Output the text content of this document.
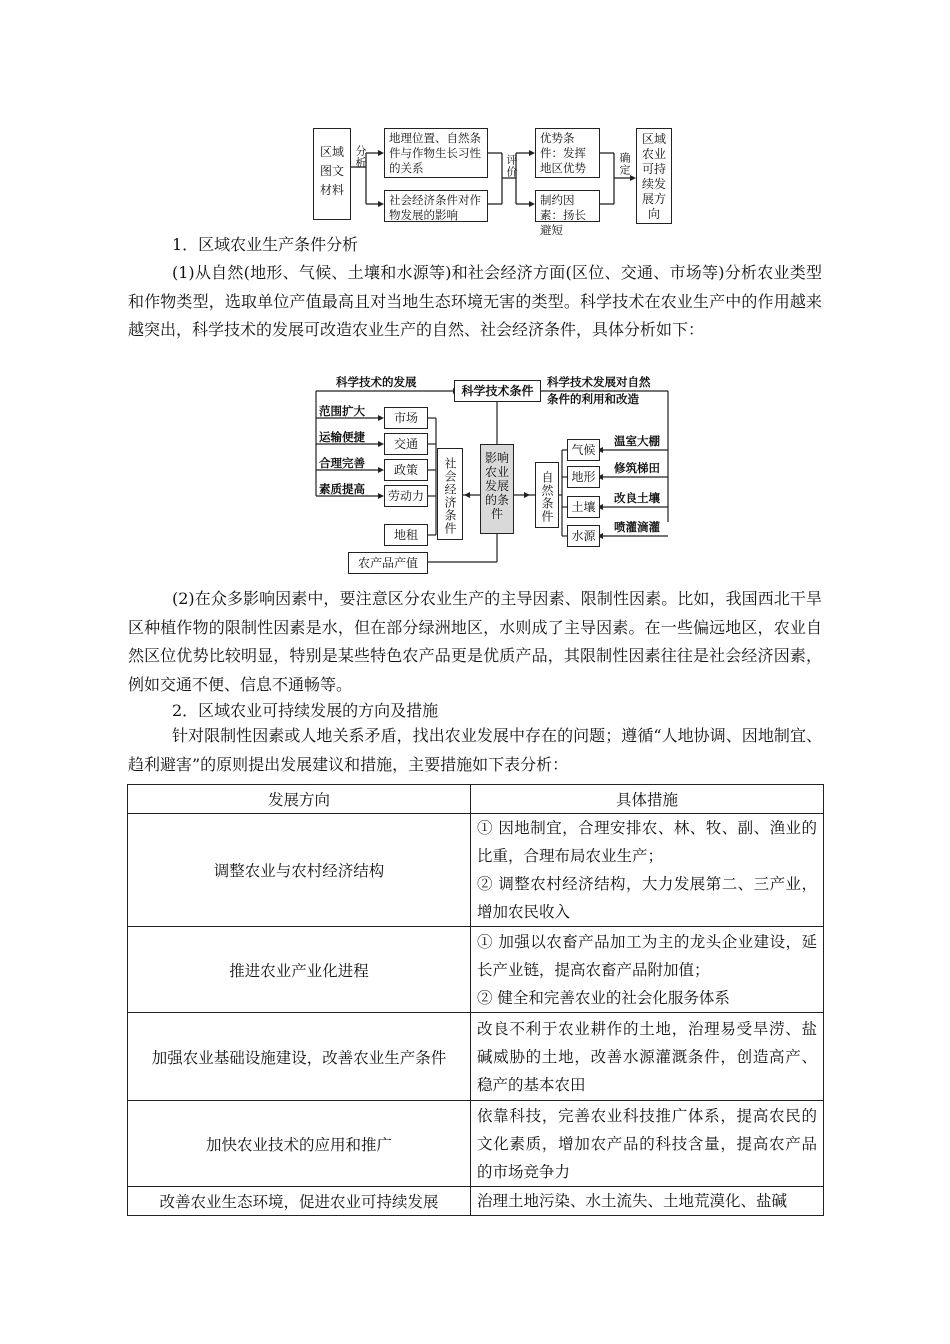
区域图文材料
分析
地理位置、自然条件与作物生长习性的关系
社会经济条件对作物发展的影响
评价
优势条件：发挥地区优势
制约因素：扬长避短
确定
区域农业可持续发展方向
1．区域农业生产条件分析
(1)从自然(地形、气候、土壤和水源等)和社会经济方面(区位、交通、市场等)分析农业类型和作物类型，选取单位产值最高且对当地生态环境无害的类型。科学技术在农业生产中的作用越来越突出，科学技术的发展可改造农业生产的自然、社会经济条件，具体分析如下：
科学技术条件
科学技术的发展	科学技术发展对自然
条件的利用和改造
市场
交通
政策
劳动力
地租
范围扩大
运输便捷
合理完善
素质提高	社会经济条件	影响农业发展的条件	自然条件
气候
地形
土壤
水源
温室大棚
修筑梯田
改良土壤
喷灌滴灌
农产品产值
(2)在众多影响因素中，要注意区分农业生产的主导因素、限制性因素。比如，我国西北干旱区种植作物的限制性因素是水，但在部分绿洲地区，水则成了主导因素。在一些偏远地区，农业自然区位优势比较明显，特别是某些特色农产品更是优质产品，其限制性因素往往是社会经济因素，例如交通不便、信息不通畅等。
2．区域农业可持续发展的方向及措施
针对限制性因素或人地关系矛盾，找出农业发展中存在的问题；遵循“人地协调、因地制宜、趋利避害”的原则提出发展建议和措施，主要措施如下表分析：
发展方向	具体措施
调整农业与农村经济结构	① 因地制宜，合理安排农、林、牧、副、渔业的比重，合理布局农业生产；
② 调整农村经济结构，大力发展第二、三产业，增加农民收入

推进农业产业化进程	① 加强以农畜产品加工为主的龙头企业建设，延长产业链，提高农畜产品附加值；
② 健全和完善农业的社会化服务体系

加强农业基础设施建设，改善农业生产条件	改良不利于农业耕作的土地，治理易受旱涝、盐碱威胁的土地，改善水源灌溉条件，创造高产、稳产的基本农田

加快农业技术的应用和推广	依靠科技，完善农业科技推广体系，提高农民的文化素质，增加农产品的科技含量，提高农产品的市场竞争力

改善农业生态环境，促进农业可持续发展	治理土地污染、水土流失、土地荒漠化、盐碱
